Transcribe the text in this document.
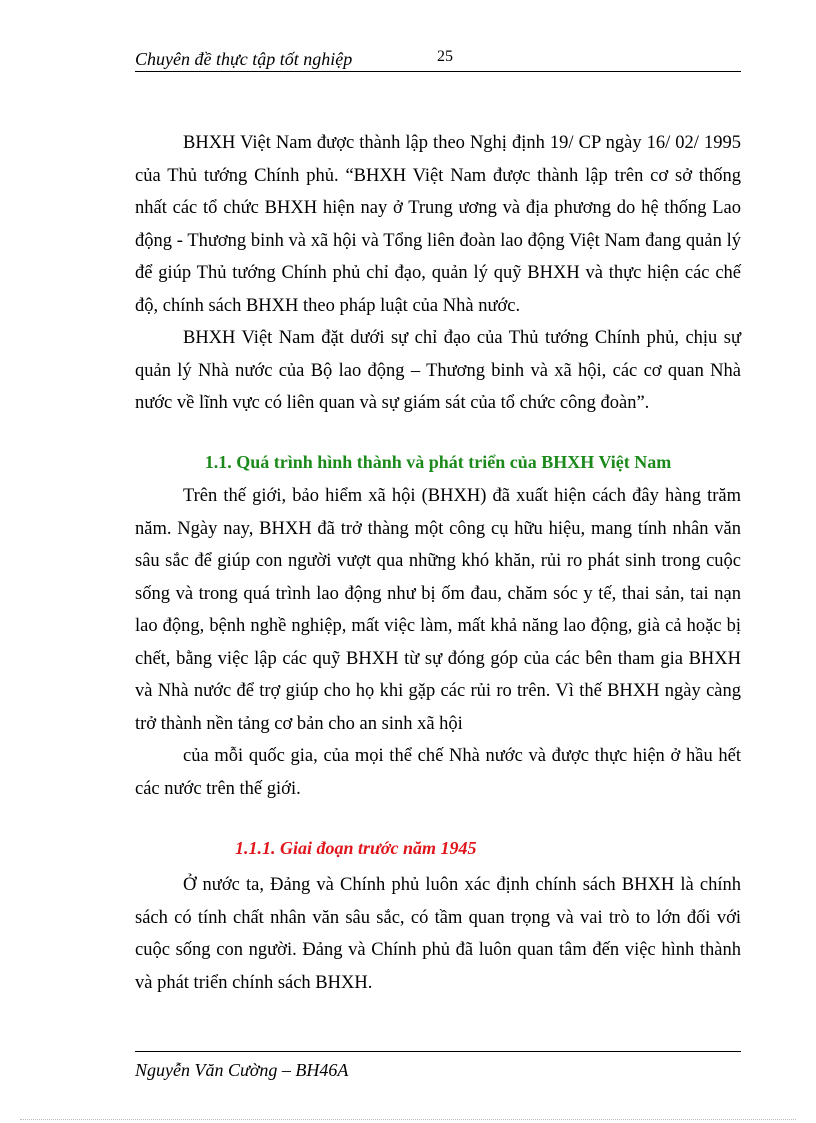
Chuyên đề thực tập tốt nghiệp	25

BHXH Việt Nam được thành lập theo Nghị định 19/ CP ngày 16/ 02/ 1995 của Thủ tướng Chính phủ. “BHXH Việt Nam được thành lập trên cơ sở thống nhất các tổ chức BHXH hiện nay ở Trung ương và địa phương do hệ thống Lao động - Thương binh và xã hội và Tổng liên đoàn lao động Việt Nam đang quản lý để giúp Thủ tướng Chính phủ chỉ đạo, quản lý quỹ BHXH và thực hiện các chế độ, chính sách BHXH theo pháp luật của Nhà nước.

BHXH Việt Nam đặt dưới sự chỉ đạo của Thủ tướng Chính phủ, chịu sự quản lý Nhà nước của Bộ lao động – Thương binh và xã hội, các cơ quan Nhà nước về lĩnh vực có liên quan và sự giám sát của tổ chức công đoàn”.

1.1. Quá trình hình thành và phát triển của BHXH Việt Nam

Trên thế giới, bảo hiểm xã hội (BHXH) đã xuất hiện cách đây hàng trăm năm. Ngày nay, BHXH đã trở thàng một công cụ hữu hiệu, mang tính nhân văn sâu sắc để giúp con người vượt qua những khó khăn, rủi ro phát sinh trong cuộc sống và trong quá trình lao động như bị ốm đau, chăm sóc y tế, thai sản, tai nạn lao động, bệnh nghề nghiệp, mất việc làm, mất khả năng lao động, già cả hoặc bị chết, bằng việc lập các quỹ BHXH từ sự đóng góp của các bên tham gia BHXH và Nhà nước để trợ giúp cho họ khi gặp các rủi ro trên. Vì thế BHXH ngày càng trở thành nền tảng cơ bản cho an sinh xã hội

của mỗi quốc gia, của mọi thể chế Nhà nước và được thực hiện ở hầu hết các nước trên thế giới.

1.1.1. Giai đoạn trước năm 1945

Ở nước ta, Đảng và Chính phủ luôn xác định chính sách BHXH là chính sách có tính chất nhân văn sâu sắc, có tầm quan trọng và vai trò to lớn đối với cuộc sống con người. Đảng và Chính phủ đã luôn quan tâm đến việc hình thành và phát triển chính sách BHXH.

Nguyễn Văn Cường – BH46A
